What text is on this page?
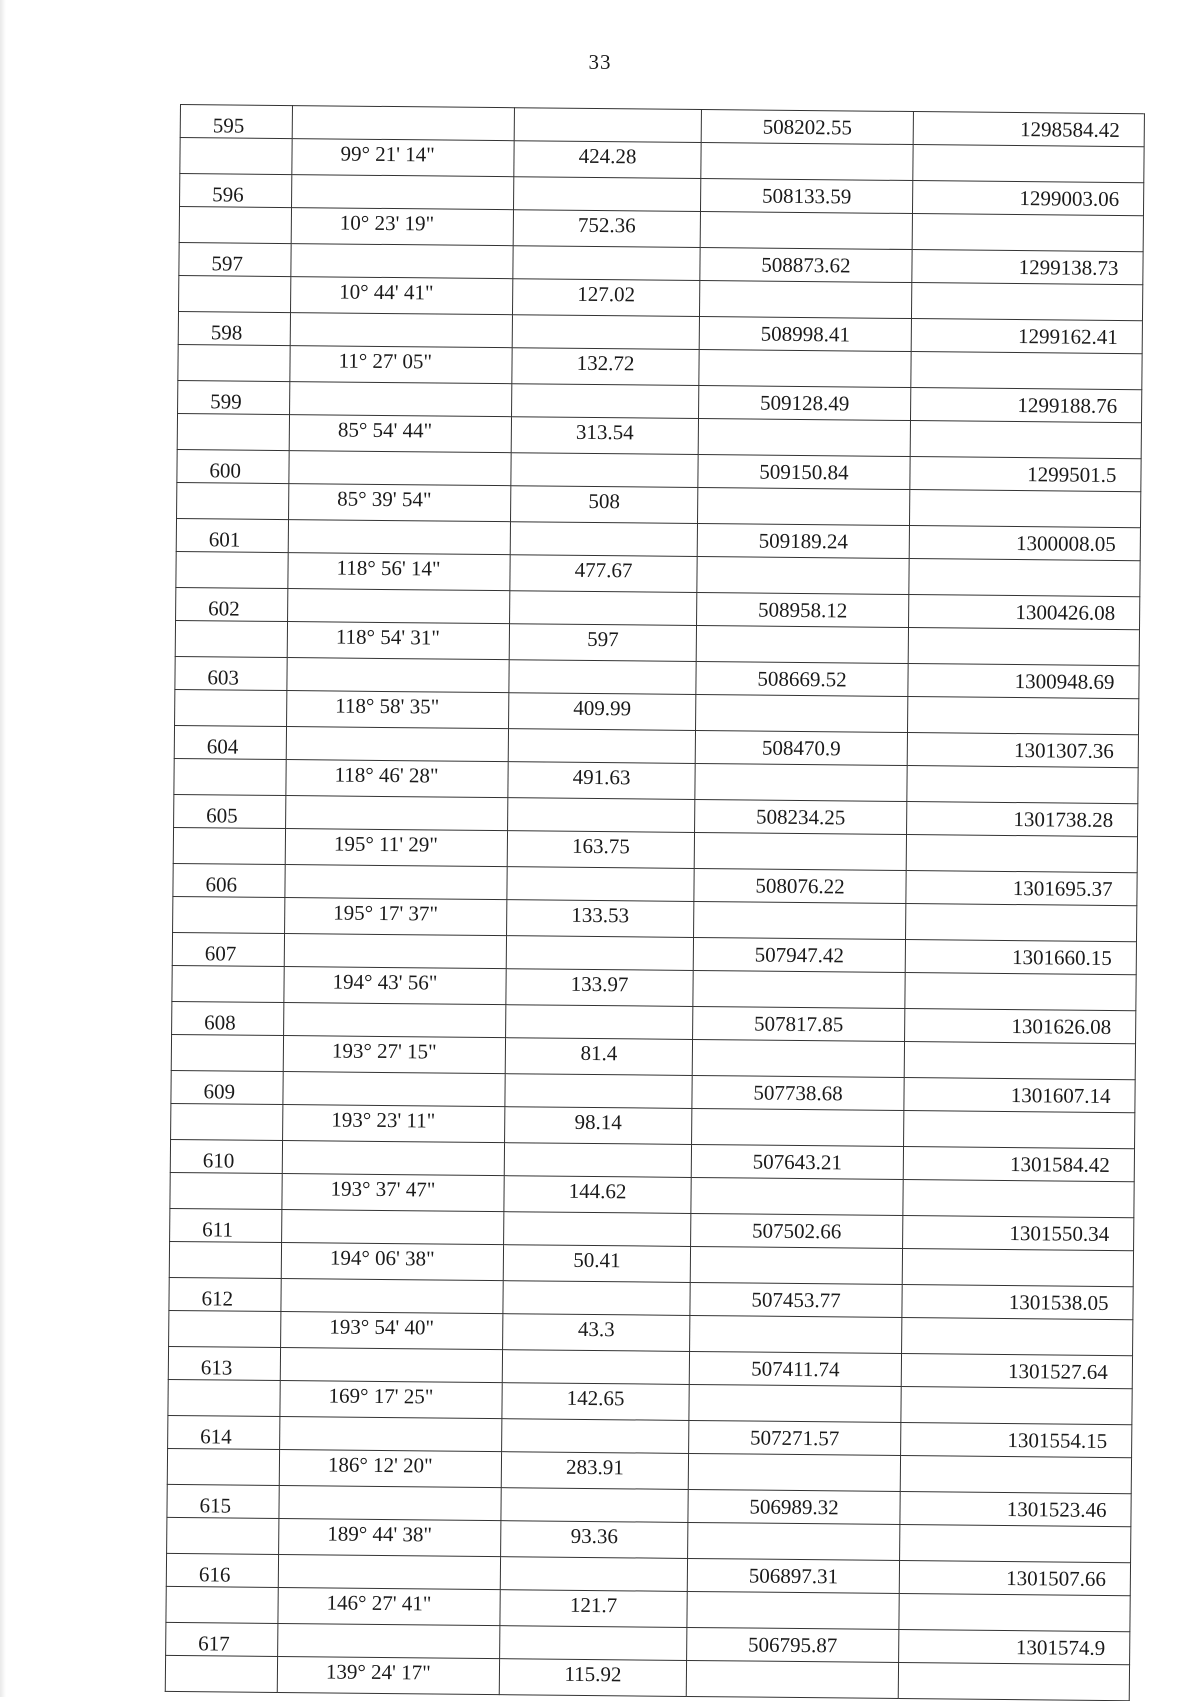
33
595			508202.55	1298584.42
	99° 21' 14"	424.28		
596			508133.59	1299003.06
	10° 23' 19"	752.36		
597			508873.62	1299138.73
	10° 44' 41"	127.02		
598			508998.41	1299162.41
	11° 27' 05"	132.72		
599			509128.49	1299188.76
	85° 54' 44"	313.54		
600			509150.84	1299501.5
	85° 39' 54"	508		
601			509189.24	1300008.05
	118° 56' 14"	477.67		
602			508958.12	1300426.08
	118° 54' 31"	597		
603			508669.52	1300948.69
	118° 58' 35"	409.99		
604			508470.9	1301307.36
	118° 46' 28"	491.63		
605			508234.25	1301738.28
	195° 11' 29"	163.75		
606			508076.22	1301695.37
	195° 17' 37"	133.53		
607			507947.42	1301660.15
	194° 43' 56"	133.97		
608			507817.85	1301626.08
	193° 27' 15"	81.4		
609			507738.68	1301607.14
	193° 23' 11"	98.14		
610			507643.21	1301584.42
	193° 37' 47"	144.62		
611			507502.66	1301550.34
	194° 06' 38"	50.41		
612			507453.77	1301538.05
	193° 54' 40"	43.3		
613			507411.74	1301527.64
	169° 17' 25"	142.65		
614			507271.57	1301554.15
	186° 12' 20"	283.91		
615			506989.32	1301523.46
	189° 44' 38"	93.36		
616			506897.31	1301507.66
	146° 27' 41"	121.7		
617			506795.87	1301574.9
	139° 24' 17"	115.92		
